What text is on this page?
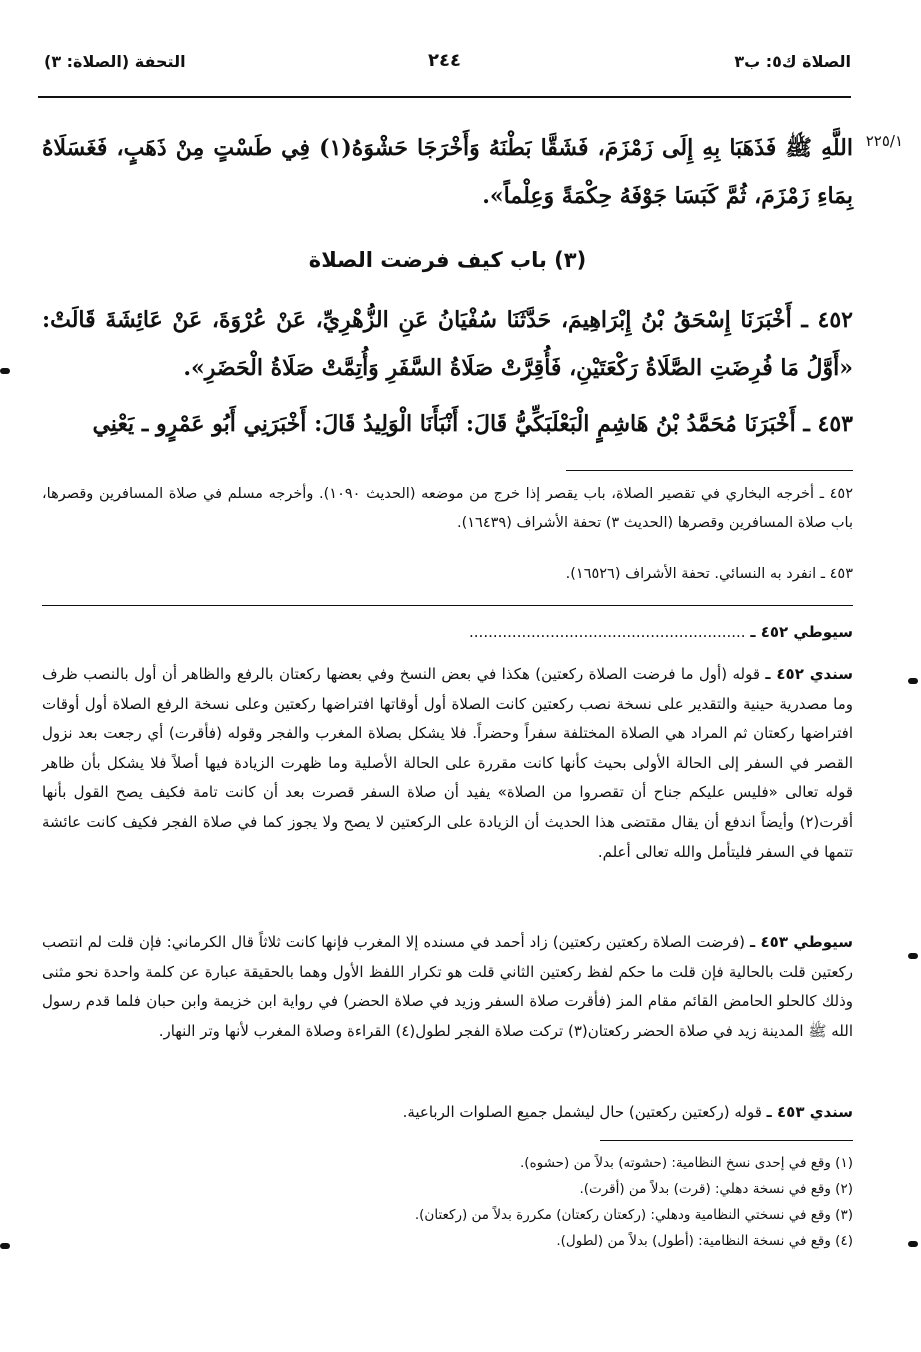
الصلاة ك٥: ب٣
٢٤٤
التحفة (الصلاة: ٣)
٢٢٥/١
اللَّهِ ﷺ فَذَهَبَا بِهِ إِلَى زَمْزَمَ، فَشَقَّا بَطْنَهُ وَأَخْرَجَا حَشْوَهُ(١) فِي طَسْتٍ مِنْ ذَهَبٍ، فَغَسَلَاهُ بِمَاءِ زَمْزَمَ، ثُمَّ كَبَسَا جَوْفَهُ حِكْمَةً وَعِلْماً».
(٣) باب كيف فرضت الصلاة
٤٥٢ ـ أَخْبَرَنَا إِسْحَقُ بْنُ إِبْرَاهِيمَ، حَدَّثَنَا سُفْيَانُ عَنِ الزُّهْرِيِّ، عَنْ عُرْوَةَ، عَنْ عَائِشَةَ قَالَتْ: «أَوَّلُ مَا فُرِضَتِ الصَّلَاةُ رَكْعَتَيْنِ، فَأُقِرَّتْ صَلَاةُ السَّفَرِ وَأُتِمَّتْ صَلَاةُ الْحَضَرِ».
٤٥٣ ـ أَخْبَرَنَا مُحَمَّدُ بْنُ هَاشِمٍ الْبَعْلَبَكِّيُّ قَالَ: أَنْبَأَنَا الْوَلِيدُ قَالَ: أَخْبَرَنِي أَبُو عَمْرٍو ـ يَعْنِي
٤٥٢ ـ أخرجه البخاري في تقصير الصلاة، باب يقصر إذا خرج من موضعه (الحديث ١٠٩٠). وأخرجه مسلم في صلاة المسافرين وقصرها، باب صلاة المسافرين وقصرها (الحديث ٣) تحفة الأشراف (١٦٤٣٩).
٤٥٣ ـ انفرد به النسائي. تحفة الأشراف (١٦٥٢٦).
سيوطي ٤٥٢ ـ ..........................................................
سندي ٤٥٢ ـ قوله (أول ما فرضت الصلاة ركعتين) هكذا في بعض النسخ وفي بعضها ركعتان بالرفع والظاهر أن أول بالنصب ظرف وما مصدرية حينية والتقدير على نسخة نصب ركعتين كانت الصلاة أول أوقاتها افتراضها ركعتين وعلى نسخة الرفع الصلاة أول أوقات افتراضها ركعتان ثم المراد هي الصلاة المختلفة سفراً وحضراً. فلا يشكل بصلاة المغرب والفجر وقوله (فأقرت) أي رجعت بعد نزول القصر في السفر إلى الحالة الأولى بحيث كأنها كانت مقررة على الحالة الأصلية وما ظهرت الزيادة فيها أصلاً فلا يشكل بأن ظاهر قوله تعالى «فليس عليكم جناح أن تقصروا من الصلاة» يفيد أن صلاة السفر قصرت بعد أن كانت تامة فكيف يصح القول بأنها أقرت(٢) وأيضاً اندفع أن يقال مقتضى هذا الحديث أن الزيادة على الركعتين لا يصح ولا يجوز كما في صلاة الفجر فكيف كانت عائشة تتمها في السفر فليتأمل والله تعالى أعلم.
سيوطي ٤٥٣ ـ (فرضت الصلاة ركعتين ركعتين) زاد أحمد في مسنده إلا المغرب فإنها كانت ثلاثاً قال الكرماني: فإن قلت لم انتصب ركعتين قلت بالحالية فإن قلت ما حكم لفظ ركعتين الثاني قلت هو تكرار اللفظ الأول وهما بالحقيقة عبارة عن كلمة واحدة نحو مثنى وذلك كالحلو الحامض القائم مقام المز (فأقرت صلاة السفر وزيد في صلاة الحضر) في رواية ابن خزيمة وابن حبان فلما قدم رسول الله ﷺ المدينة زيد في صلاة الحضر ركعتان(٣) تركت صلاة الفجر لطول(٤) القراءة وصلاة المغرب لأنها وتر النهار.
سندي ٤٥٣ ـ قوله (ركعتين ركعتين) حال ليشمل جميع الصلوات الرباعية.
(١) وقع في إحدى نسخ النظامية: (حشوته) بدلاً من (حشوه).
(٢) وقع في نسخة دهلي: (قرت) بدلاً من (أقرت).
(٣) وقع في نسختي النظامية ودهلي: (ركعتان ركعتان) مكررة بدلاً من (ركعتان).
(٤) وقع في نسخة النظامية: (أطول) بدلاً من (لطول).
